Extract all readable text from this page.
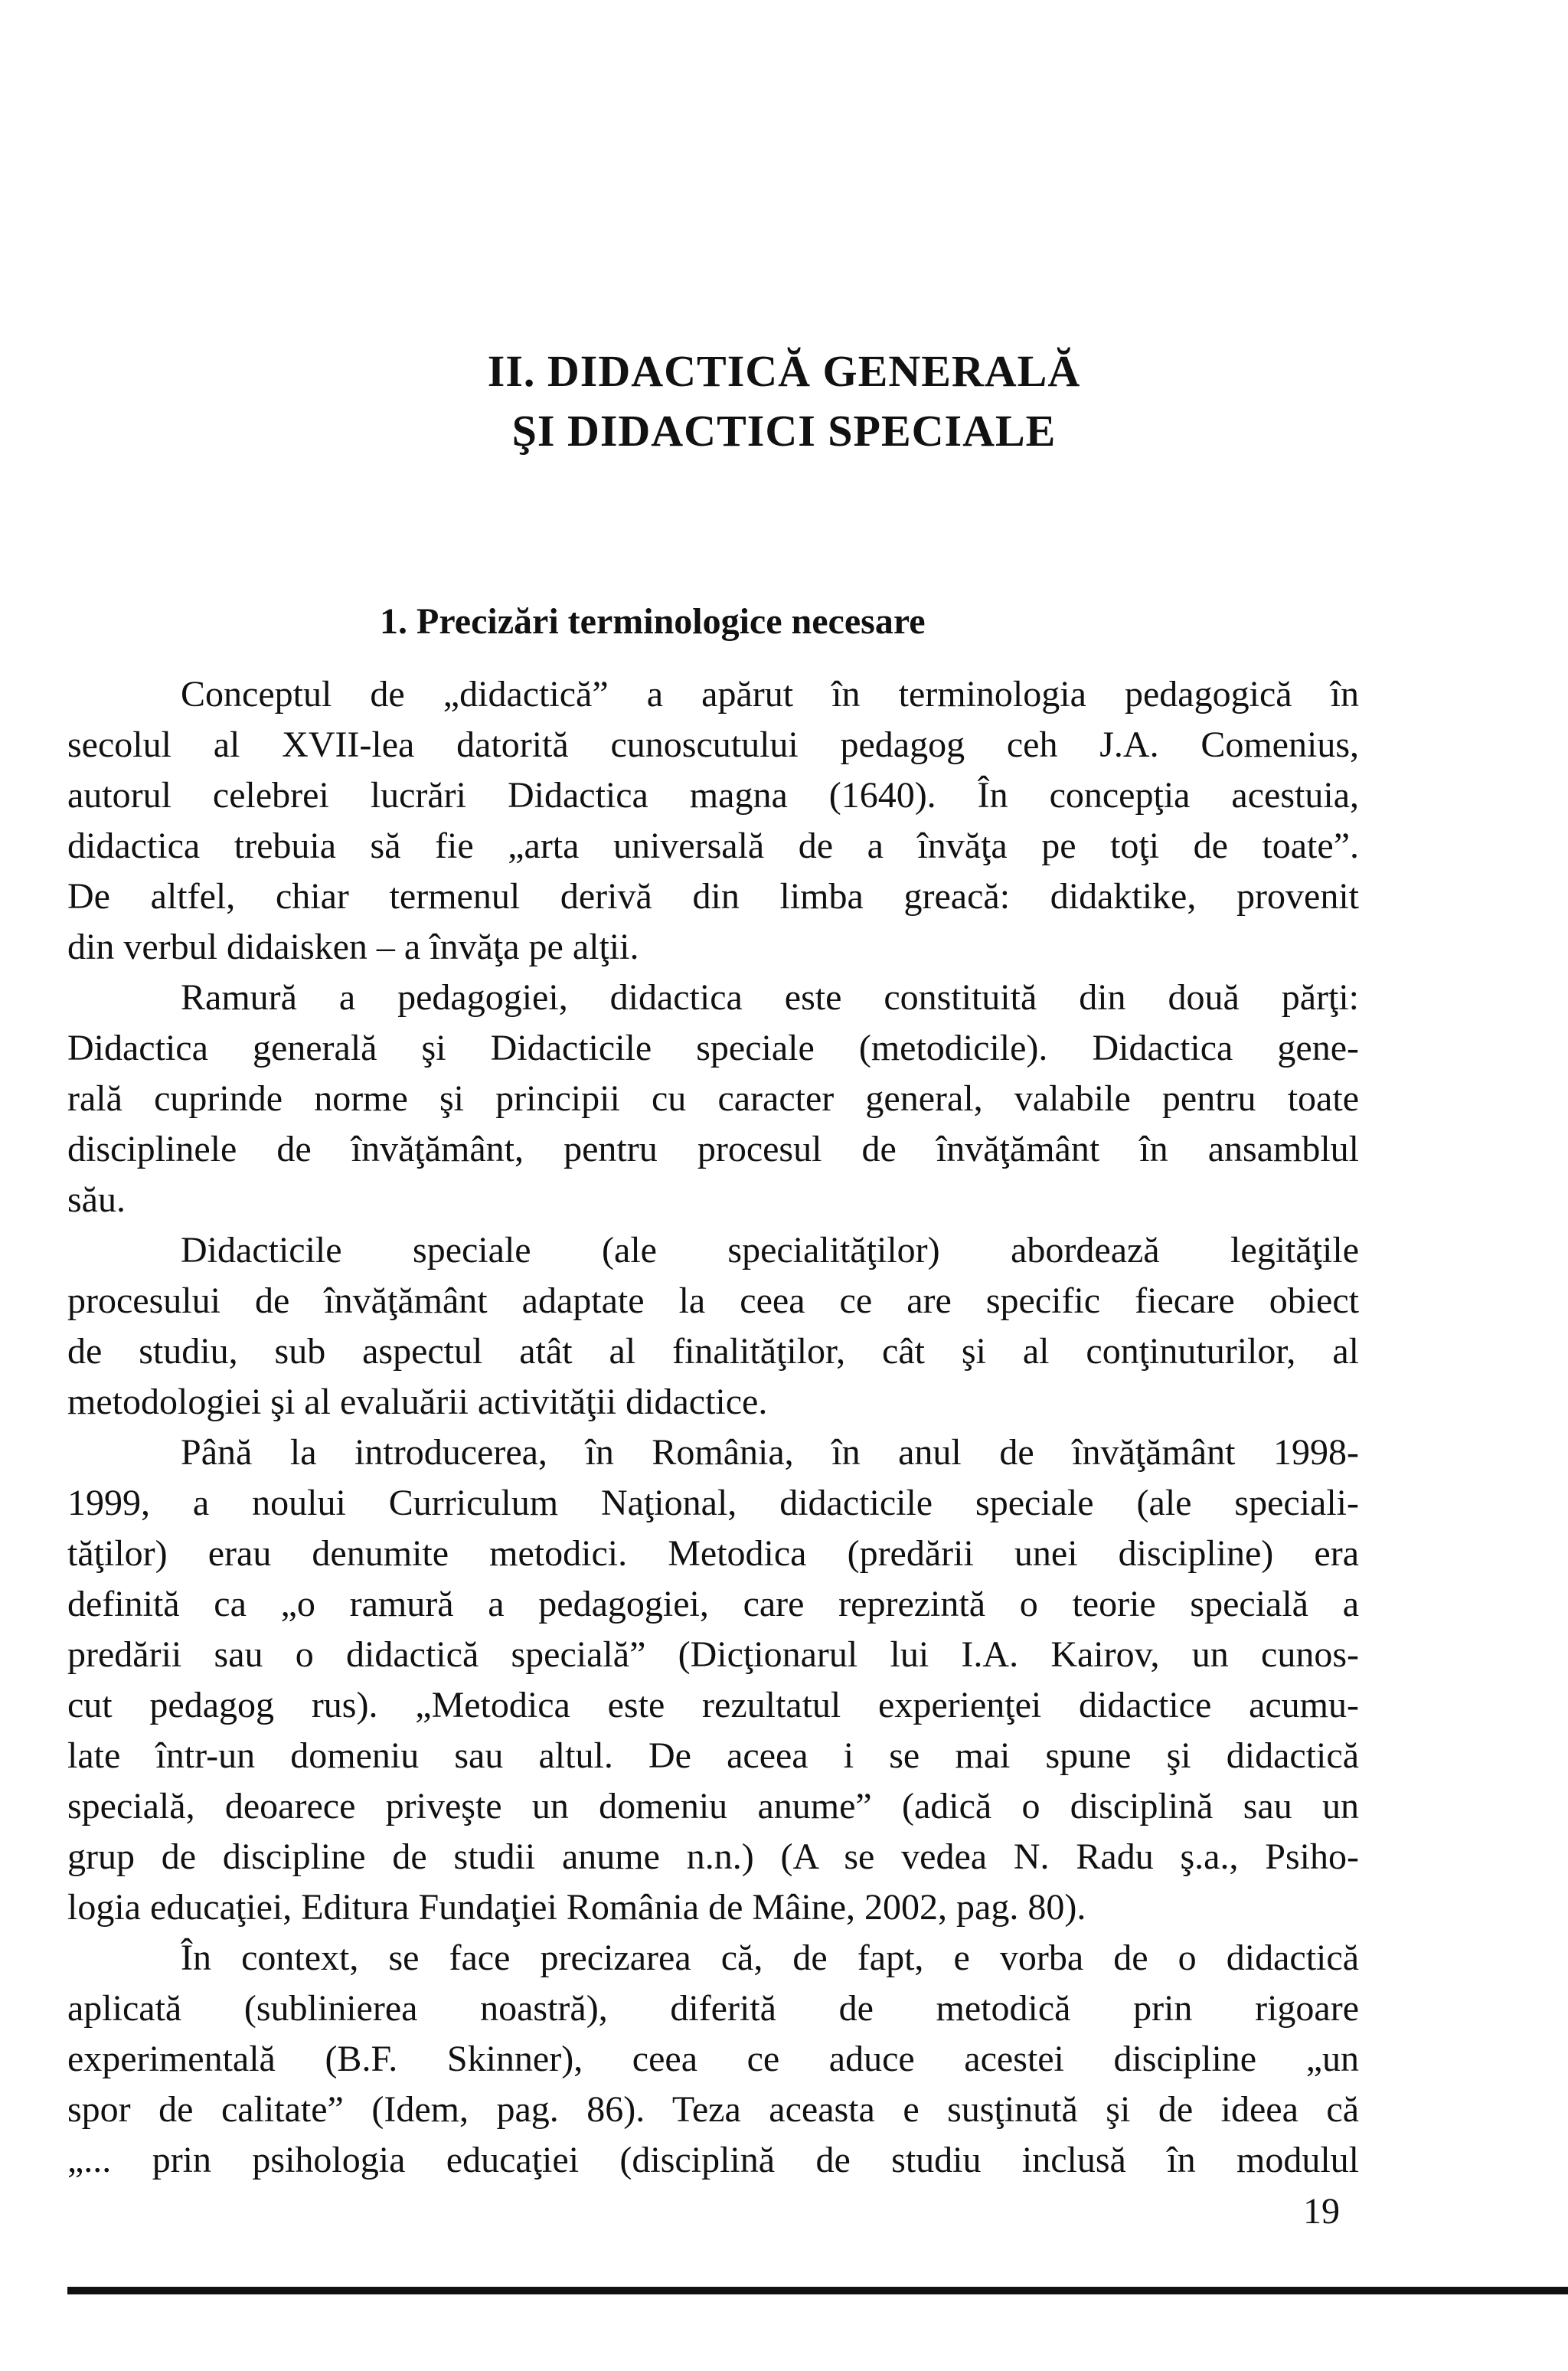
II. DIDACTICĂ GENERALĂ
ŞI DIDACTICI SPECIALE
1. Precizări terminologice necesare

Conceptul de „didactică” a apărut în terminologia pedagogică în

secolul al XVII-lea datorită cunoscutului pedagog ceh J.A. Comenius,

autorul celebrei lucrări Didactica magna (1640). În concepţia acestuia,

didactica trebuia să fie „arta universală de a învăţa pe toţi de toate”.

De altfel, chiar termenul derivă din limba greacă: didaktike, provenit

din verbul didaisken – a învăţa pe alţii.

Ramură a pedagogiei, didactica este constituită din două părţi:

Didactica generală şi Didacticile speciale (metodicile). Didactica gene-

rală cuprinde norme şi principii cu caracter general, valabile pentru toate

disciplinele de învăţământ, pentru procesul de învăţământ în ansamblul

său.

Didacticile speciale (ale specialităţilor) abordează legităţile

procesului de învăţământ adaptate la ceea ce are specific fiecare obiect

de studiu, sub aspectul atât al finalităţilor, cât şi al conţinuturilor, al

metodologiei şi al evaluării activităţii didactice.

Până la introducerea, în România, în anul de învăţământ 1998-

1999, a noului Curriculum Naţional, didacticile speciale (ale speciali-

tăţilor) erau denumite metodici. Metodica (predării unei discipline) era

definită ca „o ramură a pedagogiei, care reprezintă o teorie specială a

predării sau o didactică specială” (Dicţionarul lui I.A. Kairov, un cunos-

cut pedagog rus). „Metodica este rezultatul experienţei didactice acumu-

late într-un domeniu sau altul. De aceea i se mai spune şi didactică

specială, deoarece priveşte un domeniu anume” (adică o disciplină sau un

grup de discipline de studii anume n.n.) (A se vedea N. Radu ş.a., Psiho-

logia educaţiei, Editura Fundaţiei România de Mâine, 2002, pag. 80).

În context, se face precizarea că, de fapt, e vorba de o didactică

aplicată (sublinierea noastră), diferită de metodică prin rigoare

experimentală (B.F. Skinner), ceea ce aduce acestei discipline „un

spor de calitate” (Idem, pag. 86). Teza aceasta e susţinută şi de ideea că

„... prin psihologia educaţiei (disciplină de studiu inclusă în modulul

19
